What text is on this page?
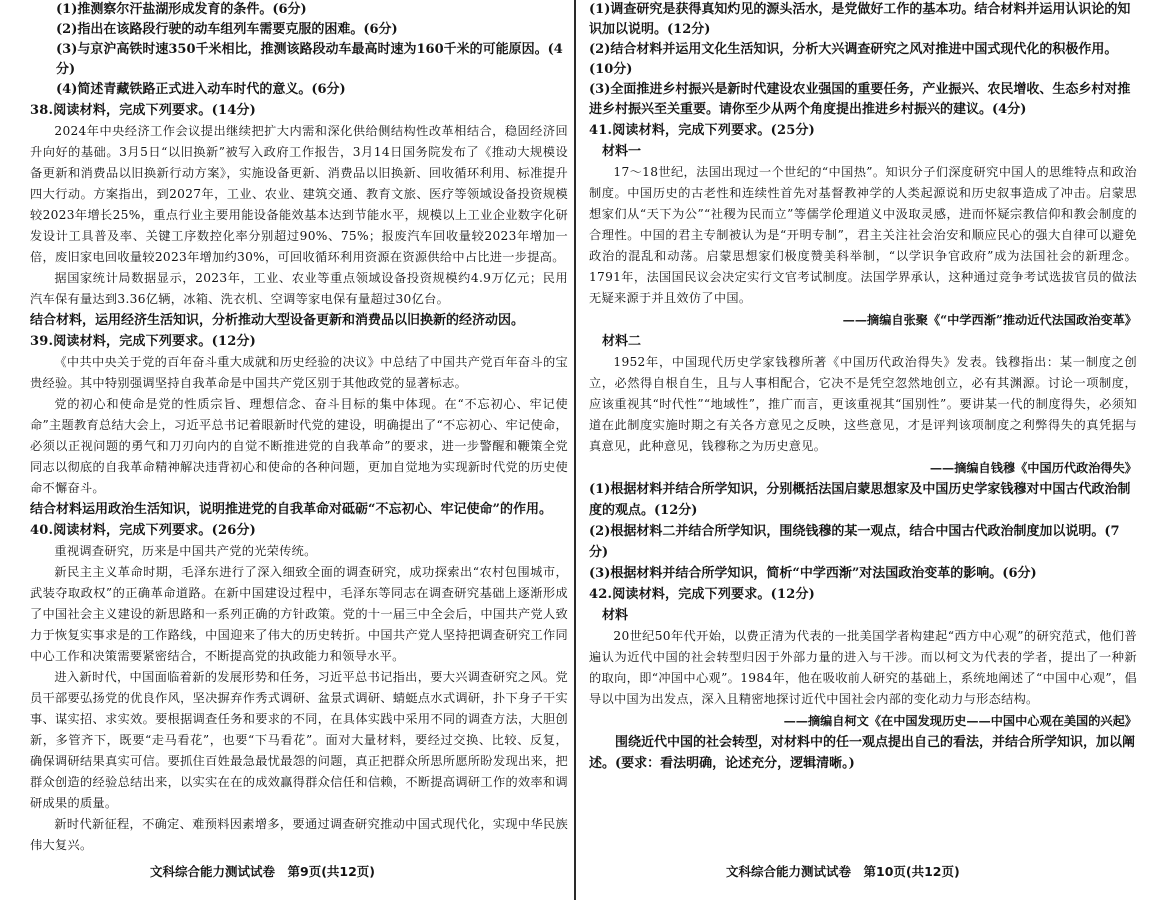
(1)推测察尔汗盐湖形成发育的条件。(6分)

(2)指出在该路段行驶的动车组列车需要克服的困难。(6分)

(3)与京沪高铁时速350千米相比，推测该路段动车最高时速为160千米的可能原因。(4分)

(4)简述青藏铁路正式进入动车时代的意义。(6分)

38.阅读材料，完成下列要求。(14分)

2024年中央经济工作会议提出继续把扩大内需和深化供给侧结构性改革相结合，稳固经济回升向好的基础。3月5日“以旧换新”被写入政府工作报告，3月14日国务院发布了《推动大规模设备更新和消费品以旧换新行动方案》，实施设备更新、消费品以旧换新、回收循环利用、标准提升四大行动。方案指出，到2027年，工业、农业、建筑交通、教育文旅、医疗等领域设备投资规模较2023年增长25%，重点行业主要用能设备能效基本达到节能水平，规模以上工业企业数字化研发设计工具普及率、关键工序数控化率分别超过90%、75%；报废汽车回收量较2023年增加一倍，废旧家电回收量较2023年增加约30%，可回收循环利用资源在资源供给中占比进一步提高。

据国家统计局数据显示，2023年，工业、农业等重点领域设备投资规模约4.9万亿元；民用汽车保有量达到3.36亿辆，冰箱、洗衣机、空调等家电保有量超过30亿台。

结合材料，运用经济生活知识，分析推动大型设备更新和消费品以旧换新的经济动因。

39.阅读材料，完成下列要求。(12分)

《中共中央关于党的百年奋斗重大成就和历史经验的决议》中总结了中国共产党百年奋斗的宝贵经验。其中特别强调坚持自我革命是中国共产党区别于其他政党的显著标志。

党的初心和使命是党的性质宗旨、理想信念、奋斗目标的集中体现。在“不忘初心、牢记使命”主题教育总结大会上，习近平总书记着眼新时代党的建设，明确提出了“不忘初心、牢记使命，必须以正视问题的勇气和刀刃向内的自觉不断推进党的自我革命”的要求，进一步警醒和鞭策全党同志以彻底的自我革命精神解决违背初心和使命的各种问题，更加自觉地为实现新时代党的历史使命不懈奋斗。

结合材料运用政治生活知识，说明推进党的自我革命对砥砺“不忘初心、牢记使命”的作用。

40.阅读材料，完成下列要求。(26分)

重视调查研究，历来是中国共产党的光荣传统。

新民主主义革命时期，毛泽东进行了深入细致全面的调查研究，成功探索出“农村包围城市，武装夺取政权”的正确革命道路。在新中国建设过程中，毛泽东等同志在调查研究基础上逐渐形成了中国社会主义建设的新思路和一系列正确的方针政策。党的十一届三中全会后，中国共产党人致力于恢复实事求是的工作路线，中国迎来了伟大的历史转折。中国共产党人坚持把调查研究工作同中心工作和决策需要紧密结合，不断提高党的执政能力和领导水平。

进入新时代，中国面临着新的发展形势和任务，习近平总书记指出，要大兴调查研究之风。党员干部要弘扬党的优良作风，坚决摒弃作秀式调研、盆景式调研、蜻蜓点水式调研，扑下身子干实事、谋实招、求实效。要根据调查任务和要求的不同，在具体实践中采用不同的调查方法，大胆创新，多管齐下，既要“走马看花”，也要“下马看花”。面对大量材料，要经过交换、比较、反复，确保调研结果真实可信。要抓住百姓最急最忧最怨的问题，真正把群众所思所愿所盼发现出来，把群众创造的经验总结出来，以实实在在的成效赢得群众信任和信赖，不断提高调研工作的效率和调研成果的质量。

新时代新征程，不确定、难预料因素增多，要通过调查研究推动中国式现代化，实现中华民族伟大复兴。

(1)调查研究是获得真知灼见的源头活水，是党做好工作的基本功。结合材料并运用认识论的知识加以说明。(12分)

(2)结合材料并运用文化生活知识，分析大兴调查研究之风对推进中国式现代化的积极作用。(10分)

(3)全面推进乡村振兴是新时代建设农业强国的重要任务，产业振兴、农民增收、生态乡村对推进乡村振兴至关重要。请你至少从两个角度提出推进乡村振兴的建议。(4分)

41.阅读材料，完成下列要求。(25分)

材料一

17～18世纪，法国出现过一个世纪的“中国热”。知识分子们深度研究中国人的思维特点和政治制度。中国历史的古老性和连续性首先对基督教神学的人类起源说和历史叙事造成了冲击。启蒙思想家们从“天下为公”“社稷为民而立”等儒学伦理道义中汲取灵感，进而怀疑宗教信仰和教会制度的合理性。中国的君主专制被认为是“开明专制”，君主关注社会治安和顺应民心的强大自律可以避免政治的混乱和动荡。启蒙思想家们极度赞美科举制，“以学识争官政府”成为法国社会的新理念。1791年，法国国民议会决定实行文官考试制度。法国学界承认，这种通过竞争考试选拔官员的做法无疑来源于并且效仿了中国。

——摘编自张聚《“中学西渐”推动近代法国政治变革》

材料二

1952年，中国现代历史学家钱穆所著《中国历代政治得失》发表。钱穆指出：某一制度之创立，必然得自根自生，且与人事相配合，它决不是凭空忽然地创立，必有其渊源。讨论一项制度，应该重视其“时代性”“地域性”，推广而言，更该重视其“国别性”。要讲某一代的制度得失，必须知道在此制度实施时期之有关各方意见之反映，这些意见，才是评判该项制度之利弊得失的真凭据与真意见，此种意见，钱穆称之为历史意见。

——摘编自钱穆《中国历代政治得失》

(1)根据材料并结合所学知识，分别概括法国启蒙思想家及中国历史学家钱穆对中国古代政治制度的观点。(12分)

(2)根据材料二并结合所学知识，围绕钱穆的某一观点，结合中国古代政治制度加以说明。(7分)

(3)根据材料并结合所学知识，简析“中学西渐”对法国政治变革的影响。(6分)

42.阅读材料，完成下列要求。(12分)

材料

20世纪50年代开始，以费正清为代表的一批美国学者构建起“西方中心观”的研究范式，他们普遍认为近代中国的社会转型归因于外部力量的进入与干涉。而以柯文为代表的学者，提出了一种新的取向，即“冲国中心观”。1984年，他在吸收前人研究的基础上，系统地阐述了“中国中心观”，倡导以中国为出发点，深入且精密地探讨近代中国社会内部的变化动力与形态结构。

——摘编自柯文《在中国发现历史——中国中心观在美国的兴起》

围绕近代中国的社会转型，对材料中的任一观点提出自己的看法，并结合所学知识，加以阐述。(要求：看法明确，论述充分，逻辑清晰。)

文科综合能力测试试卷　第9页(共12页)	文科综合能力测试试卷　第10页(共12页)
